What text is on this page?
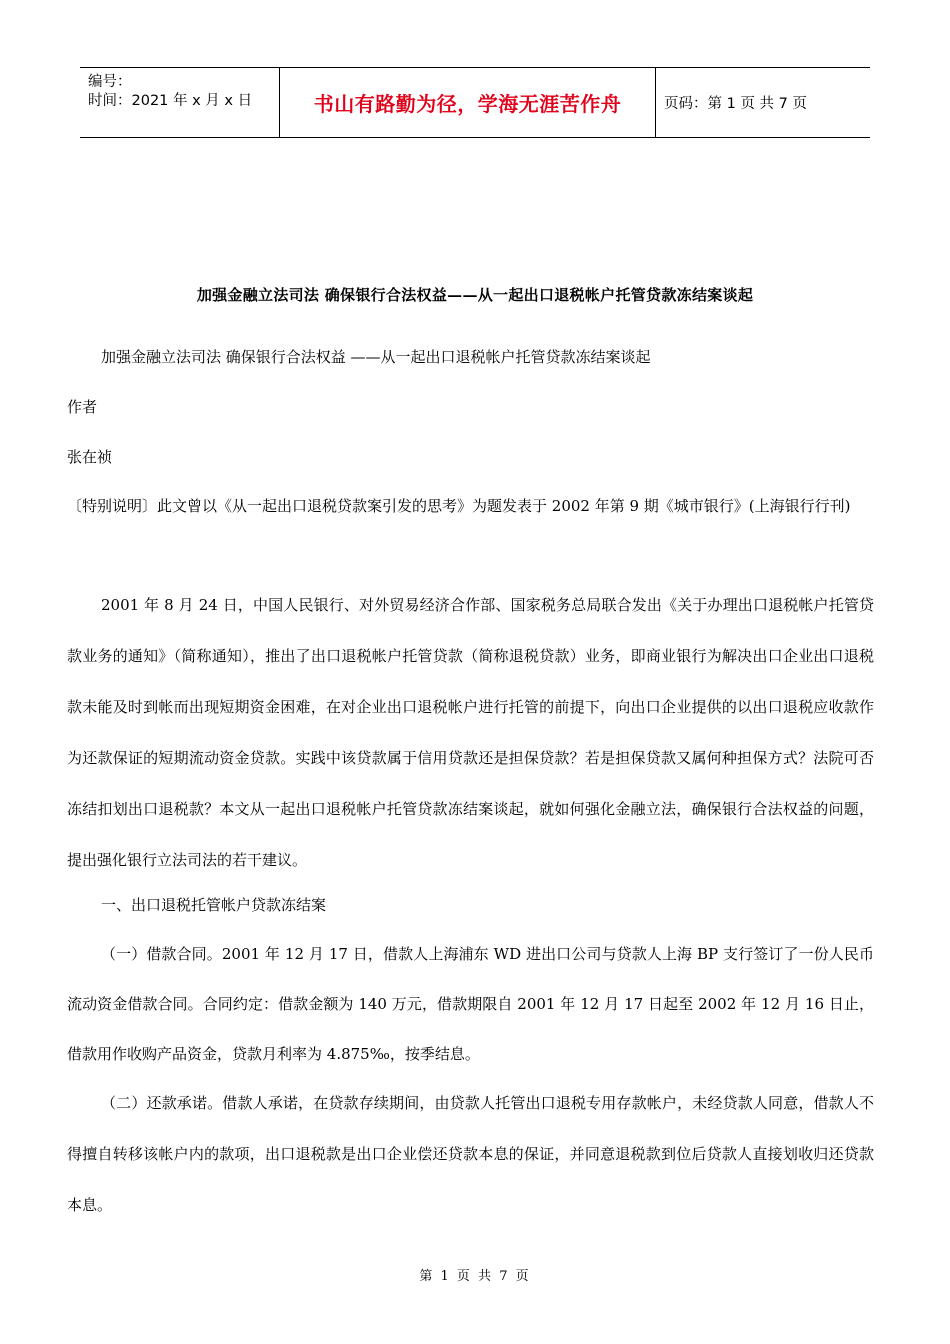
编号：
时间：2021 年 x 月 x 日	书山有路勤为径，学海无涯苦作舟	页码：第 1 页 共 7 页
加强金融立法司法 确保银行合法权益——从一起出口退税帐户托管贷款冻结案谈起

加强金融立法司法 确保银行合法权益 ——从一起出口退税帐户托管贷款冻结案谈起

作者

张在祯

〔特别说明〕此文曾以《从一起出口退税贷款案引发的思考》为题发表于 2002 年第 9 期《城市银行》(上海银行行刊)

2001 年 8 月 24 日，中国人民银行、对外贸易经济合作部、国家税务总局联合发出《关于办理出口退税帐户托管贷款业务的通知》（简称通知），推出了出口退税帐户托管贷款（简称退税贷款）业务，即商业银行为解决出口企业出口退税款未能及时到帐而出现短期资金困难，在对企业出口退税帐户进行托管的前提下，向出口企业提供的以出口退税应收款作为还款保证的短期流动资金贷款。实践中该贷款属于信用贷款还是担保贷款？若是担保贷款又属何种担保方式？法院可否冻结扣划出口退税款？本文从一起出口退税帐户托管贷款冻结案谈起，就如何强化金融立法，确保银行合法权益的问题，提出强化银行立法司法的若干建议。

一、出口退税托管帐户贷款冻结案

（一）借款合同。2001 年 12 月 17 日，借款人上海浦东 WD 进出口公司与贷款人上海 BP 支行签订了一份人民币流动资金借款合同。合同约定：借款金额为 140 万元，借款期限自 2001 年 12 月 17 日起至 2002 年 12 月 16 日止，借款用作收购产品资金，贷款月利率为 4.875‰，按季结息。

（二）还款承诺。借款人承诺，在贷款存续期间，由贷款人托管出口退税专用存款帐户，未经贷款人同意，借款人不得擅自转移该帐户内的款项，出口退税款是出口企业偿还贷款本息的保证，并同意退税款到位后贷款人直接划收归还贷款本息。

第 1 页 共 7 页
